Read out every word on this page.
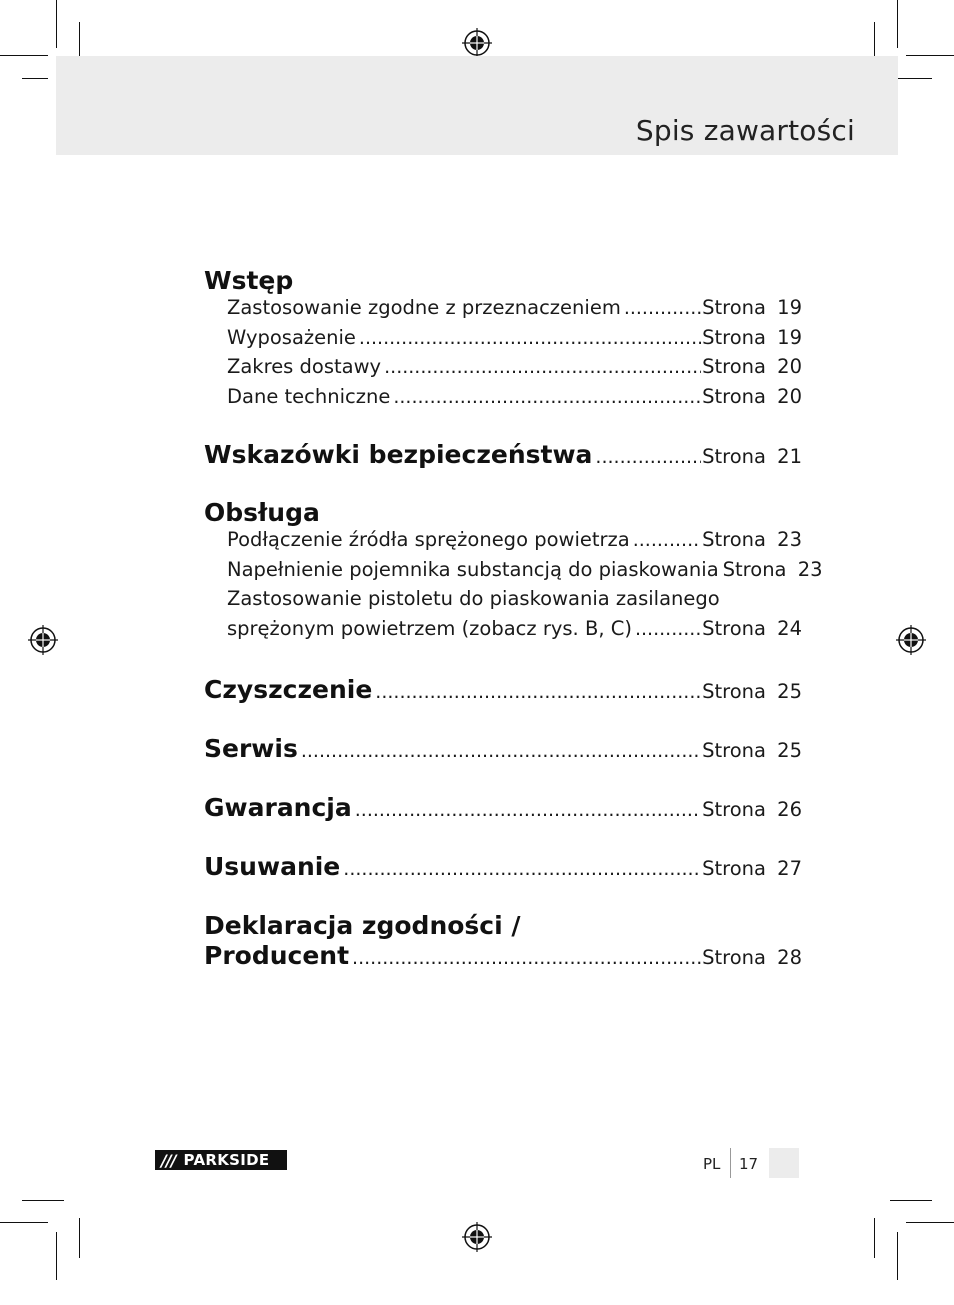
Spis zawartości
Wstęp
Zastosowanie zgodne z przeznaczeniem .....	Strona 19
Wyposażenie .....	Strona 19
Zakres dostawy .....	Strona 20
Dane techniczne .....	Strona 20
Wskazówki bezpieczeństwa .....	Strona 21
Obsługa
Podłączenie źródła sprężonego powietrza .....	Strona 23
Napełnienie pojemnika substancją do piaskowania Strona 23
Zastosowanie pistoletu do piaskowania zasilanego
sprężonym powietrzem (zobacz rys. B, C) .....	Strona 24
Czyszczenie .....	Strona 25
Serwis .....	Strona 25
Gwarancja .....	Strona 26
Usuwanie .....	Strona 27
Deklaracja zgodności /
Producent .....	Strona 28
/// PARKSIDE	PL 17
